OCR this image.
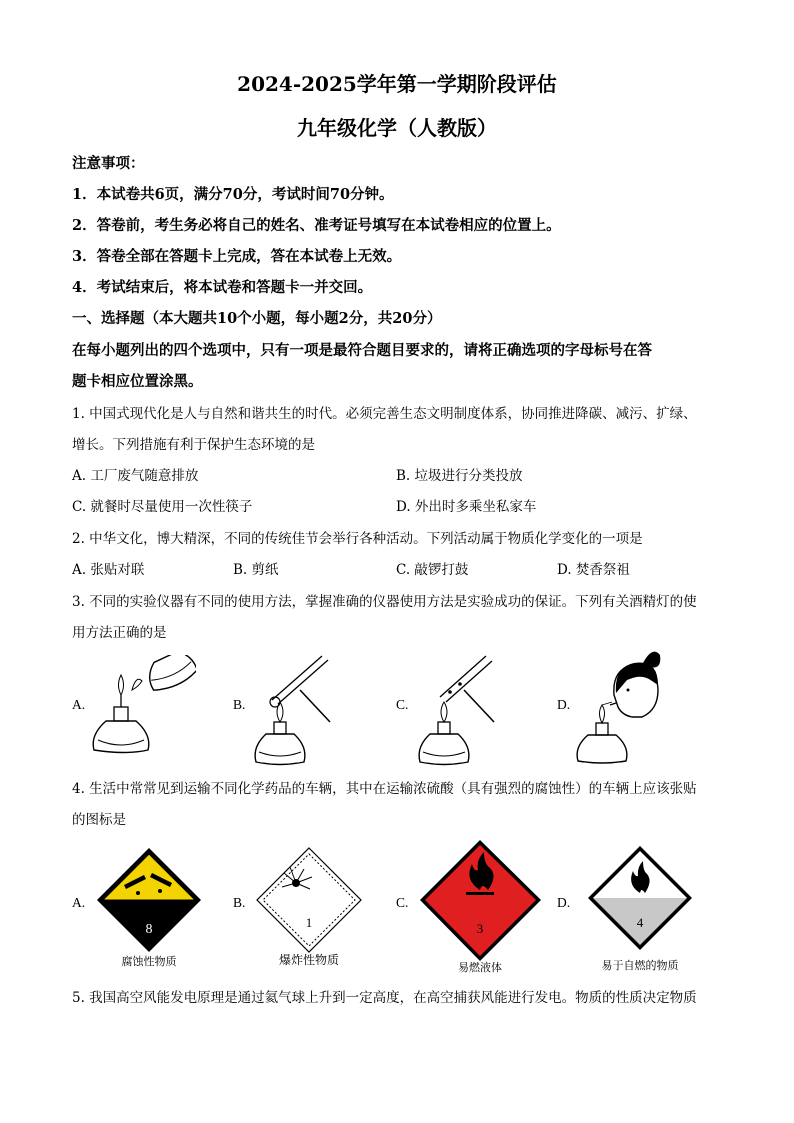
2024-2025学年第一学期阶段评估
九年级化学（人教版）
注意事项：
1．本试卷共6页，满分70分，考试时间70分钟。
2．答卷前，考生务必将自己的姓名、准考证号填写在本试卷相应的位置上。
3．答卷全部在答题卡上完成，答在本试卷上无效。
4．考试结束后，将本试卷和答题卡一并交回。
一、选择题（本大题共10个小题，每小题2分，共20分）
在每小题列出的四个选项中，只有一项是最符合题目要求的，请将正确选项的字母标号在答
题卡相应位置涂黑。
1. 中国式现代化是人与自然和谐共生的时代。必须完善生态文明制度体系，协同推进降碳、减污、扩绿、
增长。下列措施有利于保护生态环境的是
A. 工厂废气随意排放	B. 垃圾进行分类投放
C. 就餐时尽量使用一次性筷子	D. 外出时多乘坐私家车
2. 中华文化，博大精深，不同的传统佳节会举行各种活动。下列活动属于物质化学变化的一项是
A. 张贴对联	B. 剪纸	C. 敲锣打鼓	D. 焚香祭祖
3. 不同的实验仪器有不同的使用方法，掌握准确的仪器使用方法是实验成功的保证。下列有关酒精灯的使
用方法正确的是
A.	B.	C.	D.
4. 生活中常常见到运输不同化学药品的车辆，其中在运输浓硫酸（具有强烈的腐蚀性）的车辆上应该张贴
的图标是
A.
8
腐蚀性物质
B.
1
爆炸性物质
C.
3
易燃液体
D.
4
易于自燃的物质
5. 我国高空风能发电原理是通过氦气球上升到一定高度，在高空捕获风能进行发电。物质的性质决定物质
